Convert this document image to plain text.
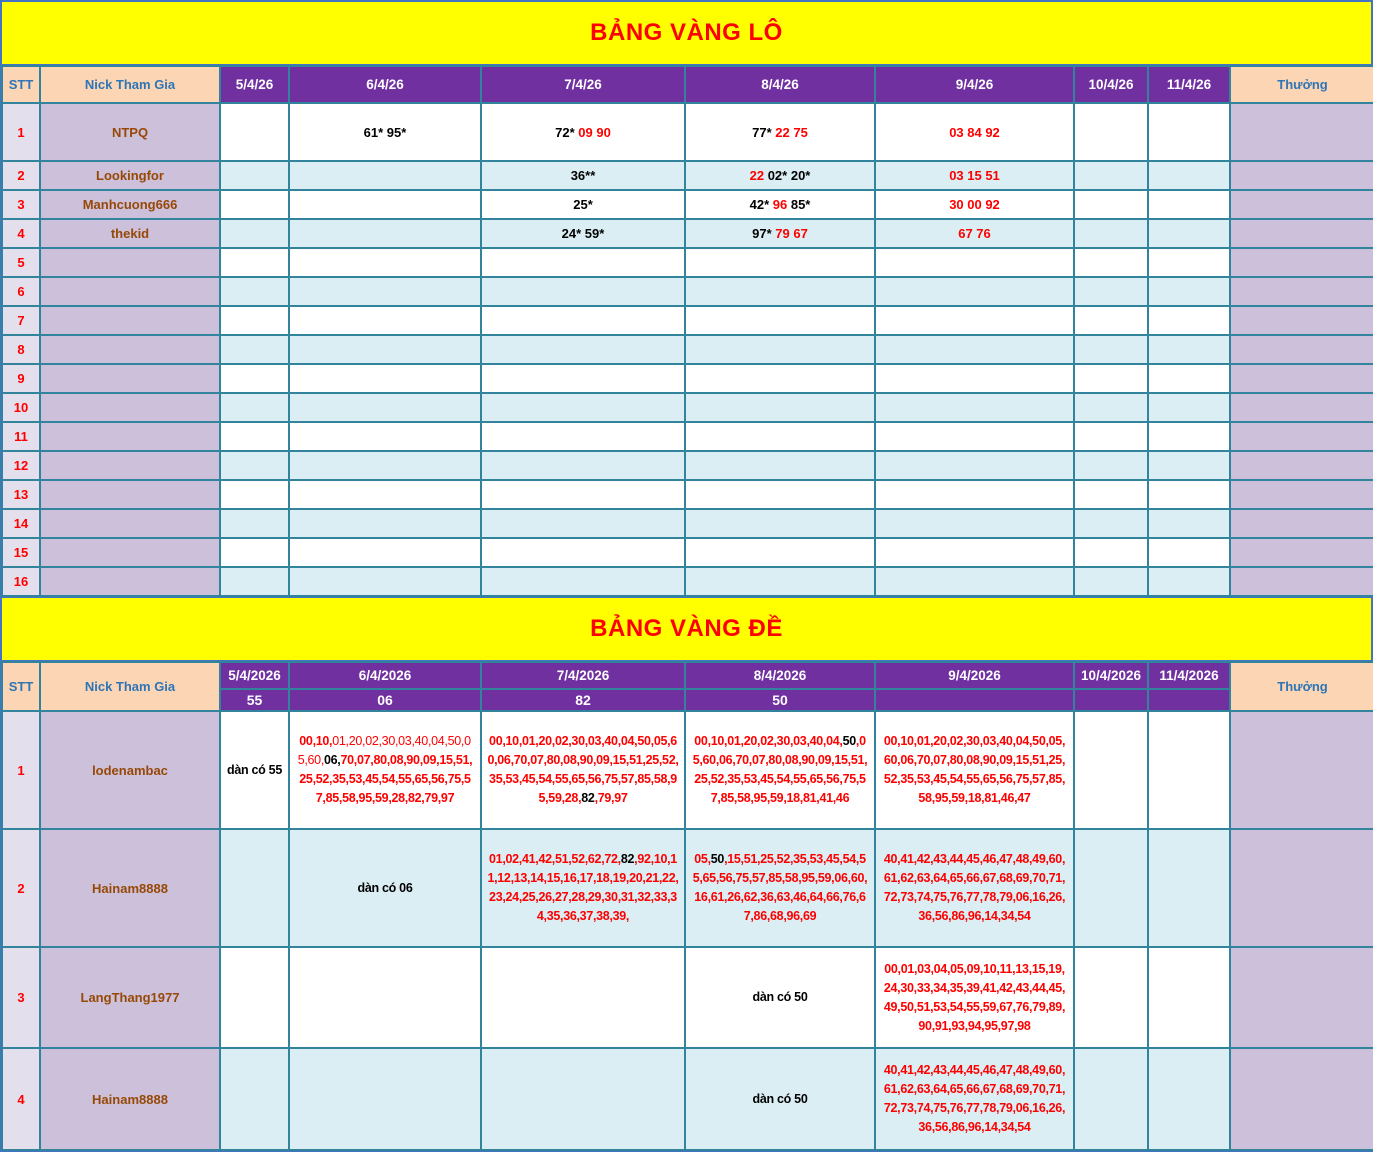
BẢNG VÀNG LÔ
STT	Nick Tham Gia	5/4/26	6/4/26	7/4/26	8/4/26	9/4/26	10/4/26	11/4/26	Thưởng
1	NTPQ		61* 95*	72* 09 90	77* 22 75	03 84 92			
2	Lookingfor			36**	22 02* 20*	03 15 51			
3	Manhcuong666			25*	42* 96 85*	30 00 92			
4	thekid			24* 59*	97* 79 67	67 76			
5									
6									
7									
8									
9									
10									
11									
12									
13									
14									
15									
16									
BẢNG VÀNG ĐỀ
STT	Nick Tham Gia	5/4/2026	6/4/2026	7/4/2026	8/4/2026	9/4/2026	10/4/2026	11/4/2026	Thưởng
		55	06	82	50				
1	lodenambac	dàn có 55	00,10,01,20,02,30,03,40,04,50,05,60,06,70,07,80,08,90,09,15,51,25,52,35,53,45,54,55,65,56,75,57,85,58,95,59,28,82,79,97	00,10,01,20,02,30,03,40,04,50,05,60,06,70,07,80,08,90,09,15,51,25,52,35,53,45,54,55,65,56,75,57,85,58,95,59,28,82,79,97	00,10,01,20,02,30,03,40,04,50,05,60,06,70,07,80,08,90,09,15,51,25,52,35,53,45,54,55,65,56,75,57,85,58,95,59,18,81,41,46	00,10,01,20,02,30,03,40,04,50,05,60,06,70,07,80,08,90,09,15,51,25,52,35,53,45,54,55,65,56,75,57,85,58,95,59,18,81,46,47			
2	Hainam8888		dàn có 06	01,02,41,42,51,52,62,72,82,92,10,11,12,13,14,15,16,17,18,19,20,21,22,23,24,25,26,27,28,29,30,31,32,33,34,35,36,37,38,39,	05,50,15,51,25,52,35,53,45,54,55,65,56,75,57,85,58,95,59,06,60,16,61,26,62,36,63,46,64,66,76,67,86,68,96,69	40,41,42,43,44,45,46,47,48,49,60,61,62,63,64,65,66,67,68,69,70,71,72,73,74,75,76,77,78,79,06,16,26,36,56,86,96,14,34,54			
3	LangThang1977				dàn có 50	00,01,03,04,05,09,10,11,13,15,19,24,30,33,34,35,39,41,42,43,44,45,49,50,51,53,54,55,59,67,76,79,89,90,91,93,94,95,97,98			
4	Hainam8888				dàn có 50	40,41,42,43,44,45,46,47,48,49,60,61,62,63,64,65,66,67,68,69,70,71,72,73,74,75,76,77,78,79,06,16,26,36,56,86,96,14,34,54			
